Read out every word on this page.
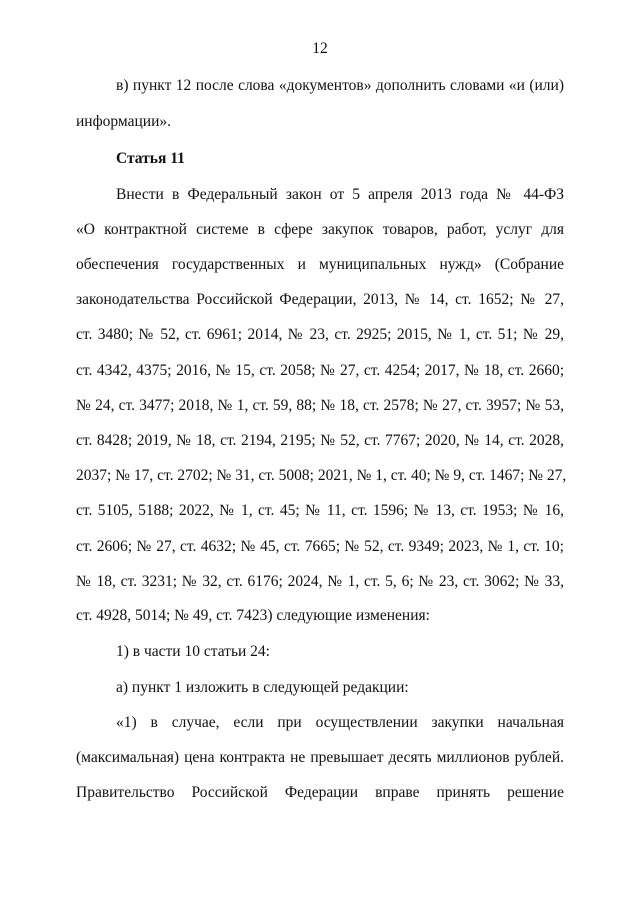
12
в) пункт 12 после слова «документов» дополнить словами «и (или)
информации».
Статья 11
Внести в Федеральный закон от 5 апреля 2013 года № 44-ФЗ
«О контрактной системе в сфере закупок товаров, работ, услуг для
обеспечения государственных и муниципальных нужд» (Собрание
законодательства Российской Федерации, 2013, № 14, ст. 1652; № 27,
ст. 3480; № 52, ст. 6961; 2014, № 23, ст. 2925; 2015, № 1, ст. 51; № 29,
ст. 4342, 4375; 2016, № 15, ст. 2058; № 27, ст. 4254; 2017, № 18, ст. 2660;
№ 24, ст. 3477; 2018, № 1, ст. 59, 88; № 18, ст. 2578; № 27, ст. 3957; № 53,
ст. 8428; 2019, № 18, ст. 2194, 2195; № 52, ст. 7767; 2020, № 14, ст. 2028,
2037; № 17, ст. 2702; № 31, ст. 5008; 2021, № 1, ст. 40; № 9, ст. 1467; № 27,
ст. 5105, 5188; 2022, № 1, ст. 45; № 11, ст. 1596; № 13, ст. 1953; № 16,
ст. 2606; № 27, ст. 4632; № 45, ст. 7665; № 52, ст. 9349; 2023, № 1, ст. 10;
№ 18, ст. 3231; № 32, ст. 6176; 2024, № 1, ст. 5, 6; № 23, ст. 3062; № 33,
ст. 4928, 5014; № 49, ст. 7423) следующие изменения:
1) в части 10 статьи 24:
а) пункт 1 изложить в следующей редакции:
«1) в случае, если при осуществлении закупки начальная
(максимальная) цена контракта не превышает десять миллионов рублей.
Правительство Российской Федерации вправе принять решение
